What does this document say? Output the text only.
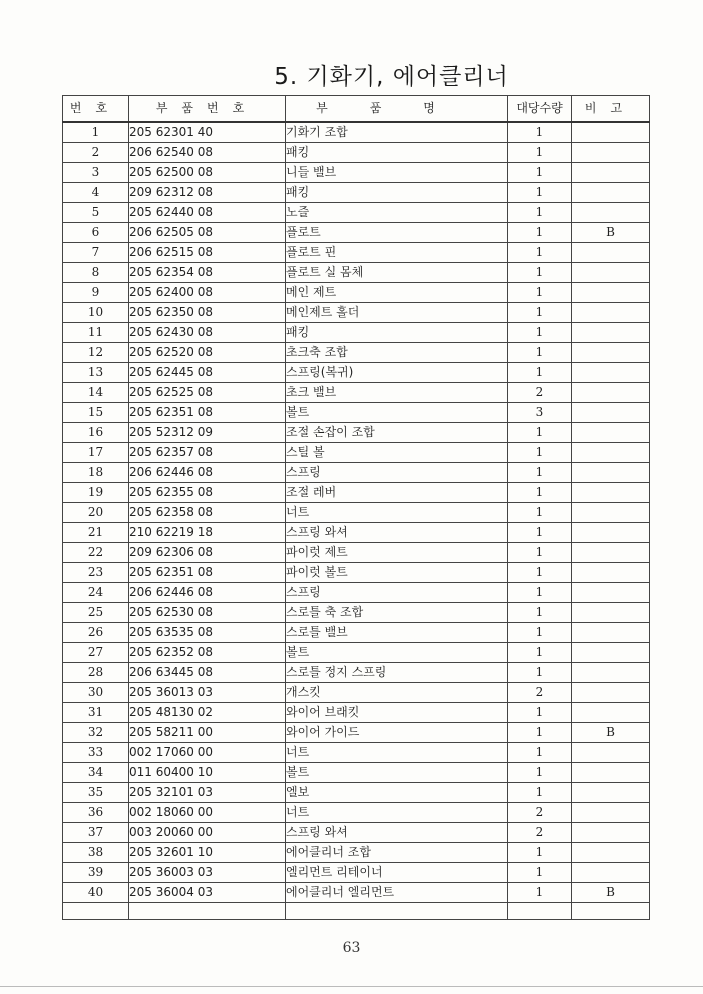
5. 기화기, 에어클리너
번호	부품번호	부품명	대당수량	비고
1	205 62301 40	기화기 조합	1	
2	206 62540 08	패킹	1	
3	205 62500 08	니들 밸브	1	
4	209 62312 08	패킹	1	
5	205 62440 08	노즐	1	
6	206 62505 08	플로트	1	B
7	206 62515 08	플로트 핀	1	
8	205 62354 08	플로트 실 몸체	1	
9	205 62400 08	메인 제트	1	
10	205 62350 08	메인제트 홀더	1	
11	205 62430 08	패킹	1	
12	205 62520 08	초크축 조합	1	
13	205 62445 08	스프링(복귀)	1	
14	205 62525 08	초크 밸브	2	
15	205 62351 08	볼트	3	
16	205 52312 09	조절 손잡이 조합	1	
17	205 62357 08	스틸 볼	1	
18	206 62446 08	스프링	1	
19	205 62355 08	조절 레버	1	
20	205 62358 08	너트	1	
21	210 62219 18	스프링 와셔	1	
22	209 62306 08	파이럿 제트	1	
23	205 62351 08	파이럿 볼트	1	
24	206 62446 08	스프링	1	
25	205 62530 08	스로틀 축 조합	1	
26	205 63535 08	스로틀 밸브	1	
27	205 62352 08	볼트	1	
28	206 63445 08	스로틀 정지 스프링	1	
30	205 36013 03	개스킷	2	
31	205 48130 02	와이어 브래킷	1	
32	205 58211 00	와이어 가이드	1	B
33	002 17060 00	너트	1	
34	011 60400 10	볼트	1	
35	205 32101 03	엘보	1	
36	002 18060 00	너트	2	
37	003 20060 00	스프링 와셔	2	
38	205 32601 10	에어클리너 조합	1	
39	205 36003 03	엘리먼트 리테이너	1	
40	205 36004 03	에어클리너 엘리먼트	1	B

63
